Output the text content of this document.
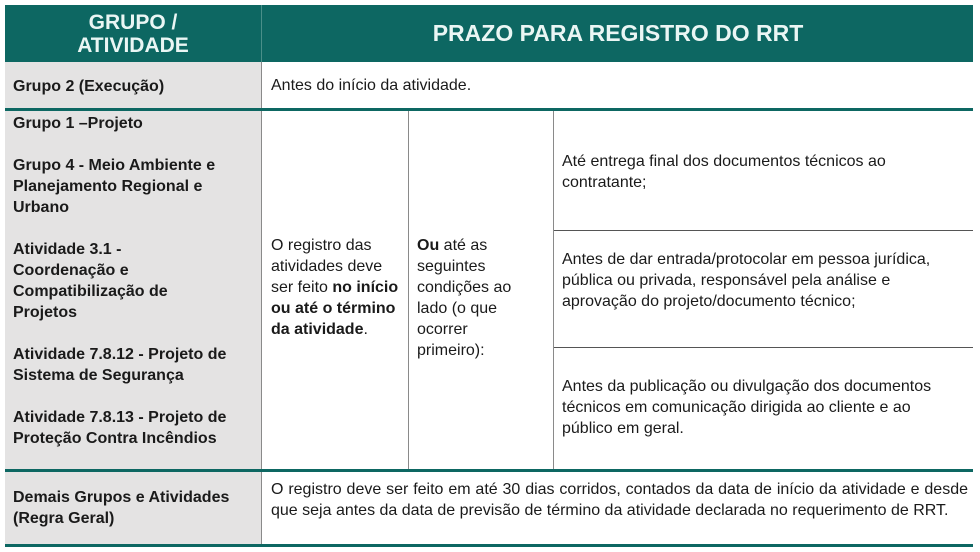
GRUPO /
ATIVIDADE	PRAZO PARA REGISTRO DO RRT
Grupo 2 (Execução)	Antes do início da atividade.
Grupo 1 –Projeto
Grupo 4 - Meio Ambiente e Planejamento Regional e Urbano
Atividade 3.1 - Coordenação e Compatibilização de Projetos
Atividade 7.8.12 - Projeto de Sistema de Segurança
Atividade 7.8.13 - Projeto de Proteção Contra Incêndios
O registro das atividades deve ser feito no início ou até o término da atividade.
Ou até as seguintes condições ao lado (o que ocorrer primeiro):
Até entrega final dos documentos técnicos ao contratante;
Antes de dar entrada/protocolar em pessoa jurídica, pública ou privada, responsável pela análise e aprovação do projeto/documento técnico;
Antes da publicação ou divulgação dos documentos técnicos em comunicação dirigida ao cliente e ao público em geral.
Demais Grupos e Atividades (Regra Geral)
O registro deve ser feito em até 30 dias corridos, contados da data de início da atividade e desde que seja antes da data de previsão de término da atividade declarada no requerimento de RRT.
